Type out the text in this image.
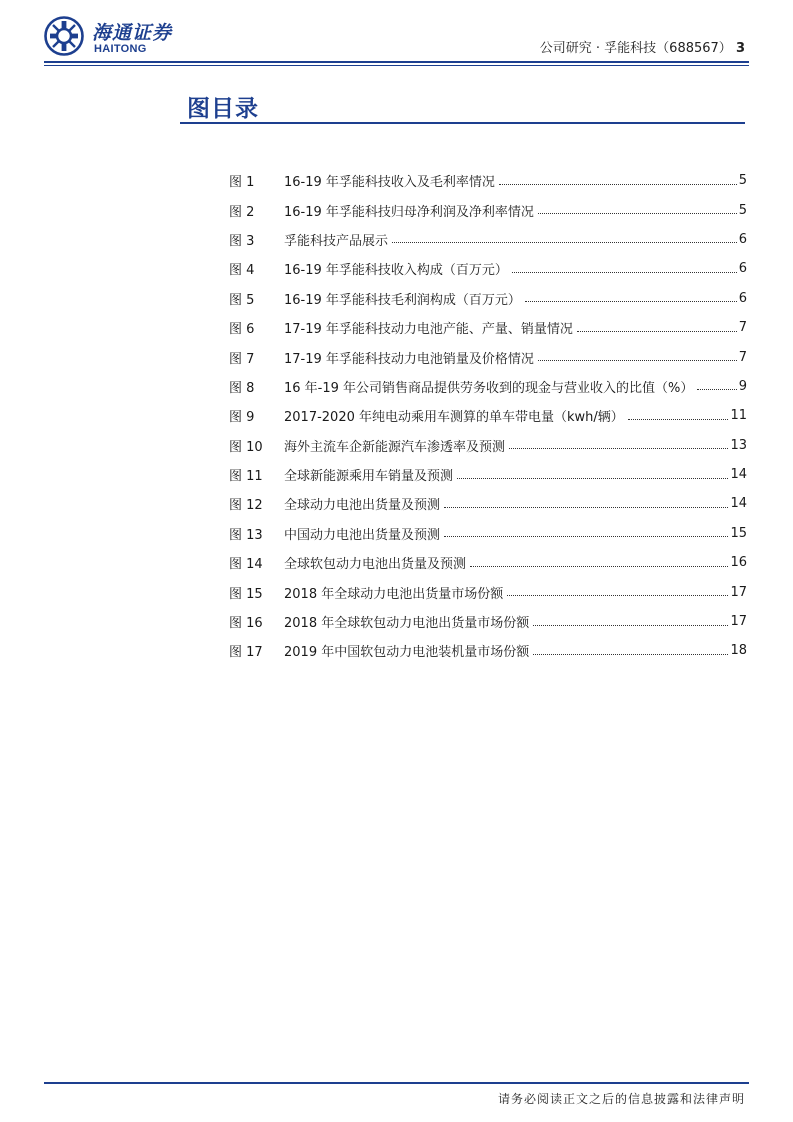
海通证券
HAITONG	公司研究 · 孚能科技（688567） 3
图目录
图 1	16-19 年孚能科技收入及毛利率情况	5
图 2	16-19 年孚能科技归母净利润及净利率情况	5
图 3	孚能科技产品展示	6
图 4	16-19 年孚能科技收入构成（百万元）	6
图 5	16-19 年孚能科技毛利润构成（百万元）	6
图 6	17-19 年孚能科技动力电池产能、产量、销量情况	7
图 7	17-19 年孚能科技动力电池销量及价格情况	7
图 8	16 年-19 年公司销售商品提供劳务收到的现金与营业收入的比值（%）	9
图 9	2017-2020 年纯电动乘用车测算的单车带电量（kwh/辆）	11
图 10	海外主流车企新能源汽车渗透率及预测	13
图 11	全球新能源乘用车销量及预测	14
图 12	全球动力电池出货量及预测	14
图 13	中国动力电池出货量及预测	15
图 14	全球软包动力电池出货量及预测	16
图 15	2018 年全球动力电池出货量市场份额	17
图 16	2018 年全球软包动力电池出货量市场份额	17
图 17	2019 年中国软包动力电池装机量市场份额	18
请务必阅读正文之后的信息披露和法律声明
